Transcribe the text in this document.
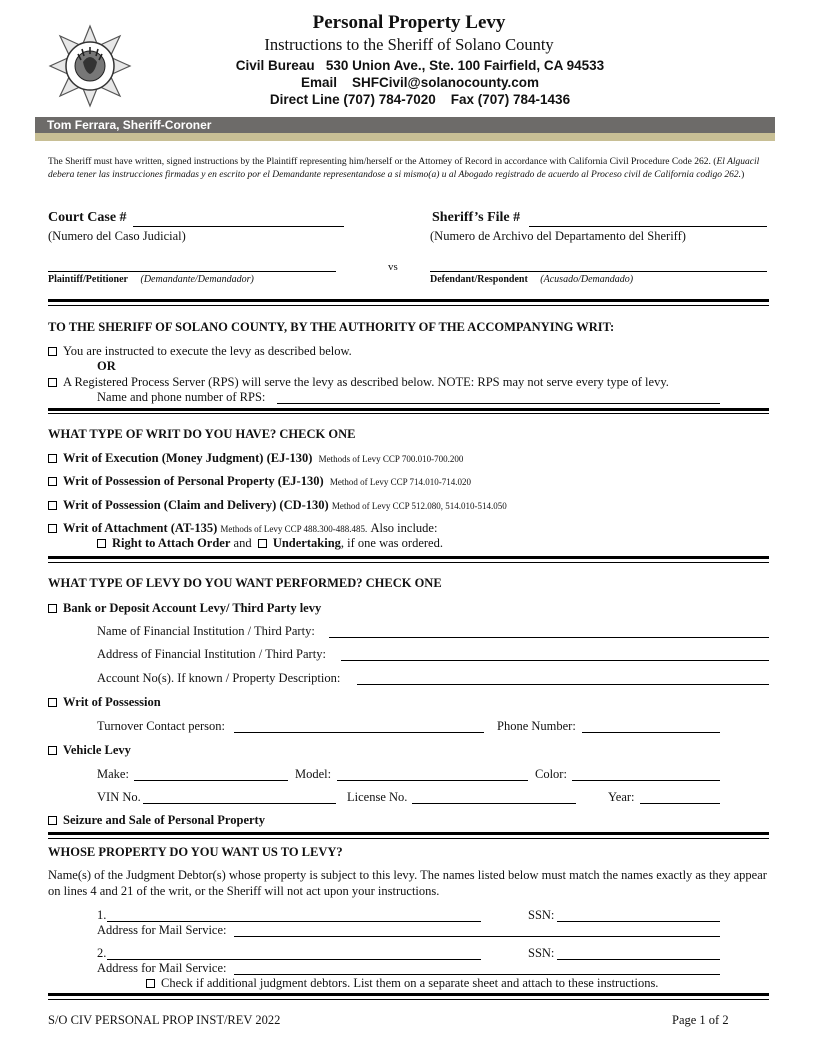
Personal Property Levy
Instructions to the Sheriff of Solano County
Civil Bureau   530 Union Ave., Ste. 100 Fairfield, CA 94533
Email    SHFCivil@solanocounty.com
Direct Line (707) 784-7020    Fax (707) 784-1436
Tom Ferrara, Sheriff-Coroner
The Sheriff must have written, signed instructions by the Plaintiff representing him/herself or the Attorney of Record in accordance with California Civil Procedure Code 262. (El Alguacil debera tener las instrucciones firmadas y en escrito por el Demandante representandose a si mismo(a) u al Abogado registrado de acuerdo al Proceso civil de California codigo 262.)
Court Case #
(Numero del Caso Judicial)
Sheriff’s File #
(Numero de Archivo del Departamento del Sheriff)
vs
Plaintiff/Petitioner (Demandante/Demandador)	Defendant/Respondent (Acusado/Demandado)
TO THE SHERIFF OF SOLANO COUNTY, BY THE AUTHORITY OF THE ACCOMPANYING WRIT:
You are instructed to execute the levy as described below.
OR
A Registered Process Server (RPS) will serve the levy as described below. NOTE: RPS may not serve every type of levy.
Name and phone number of RPS:
WHAT TYPE OF WRIT DO YOU HAVE? CHECK ONE
Writ of Execution (Money Judgment) (EJ-130) Methods of Levy CCP 700.010-700.200
Writ of Possession of Personal Property (EJ-130) Method of Levy CCP 714.010-714.020
Writ of Possession (Claim and Delivery) (CD-130) Method of Levy CCP 512.080, 514.010-514.050
Writ of Attachment (AT-135) Methods of Levy CCP 488.300-488.485. Also include:
Right to Attach Order and Undertaking, if one was ordered.
WHAT TYPE OF LEVY DO YOU WANT PERFORMED? CHECK ONE
Bank or Deposit Account Levy/ Third Party levy
Name of Financial Institution / Third Party:
Address of Financial Institution / Third Party:
Account No(s). If known / Property Description:
Writ of Possession
Turnover Contact person:	Phone Number:
Vehicle Levy
Make:	Model:	Color:
VIN No.	License No.	Year:
Seizure and Sale of Personal Property
WHOSE PROPERTY DO YOU WANT US TO LEVY?
Name(s) of the Judgment Debtor(s) whose property is subject to this levy. The names listed below must match the names exactly as they appear on lines 4 and 21 of the writ, or the Sheriff will not act upon your instructions.
1.	SSN:
Address for Mail Service:
2.	SSN:
Address for Mail Service:
Check if additional judgment debtors. List them on a separate sheet and attach to these instructions.
S/O CIV PERSONAL PROP INST/REV 2022	Page 1 of 2
